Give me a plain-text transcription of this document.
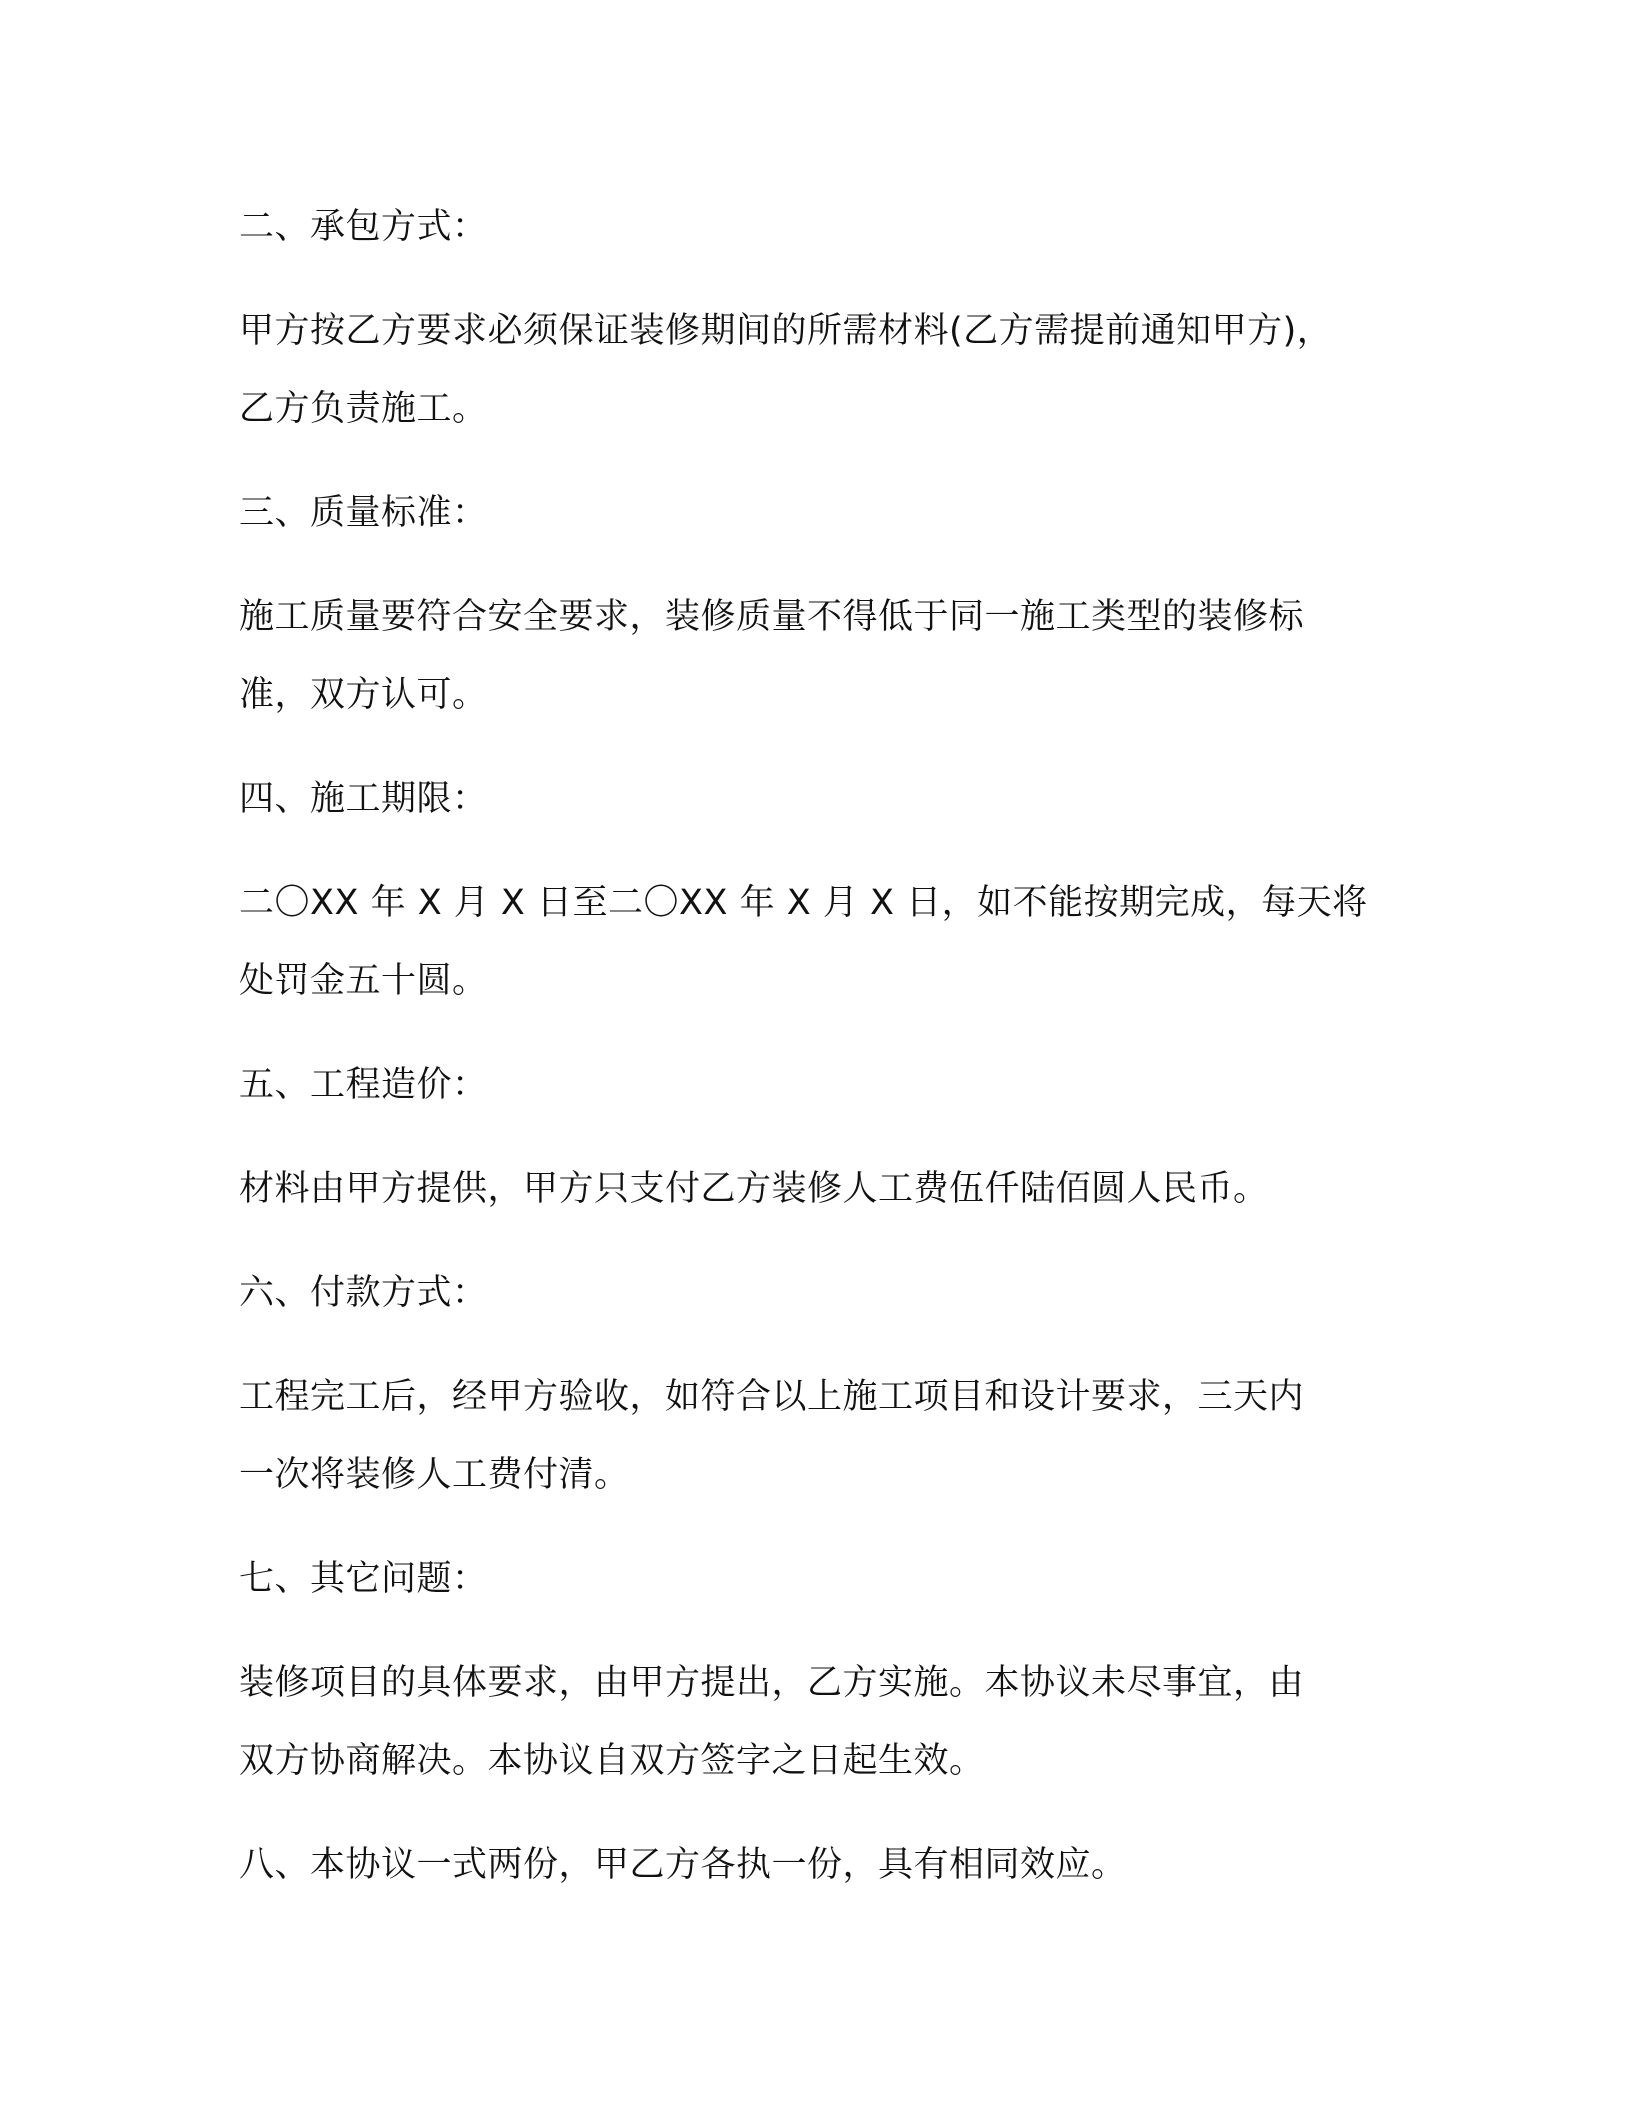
二、承包方式：

甲方按乙方要求必须保证装修期间的所需材料(乙方需提前通知甲方)，
乙方负责施工。

三、质量标准：

施工质量要符合安全要求，装修质量不得低于同一施工类型的装修标
准，双方认可。

四、施工期限：

二〇XX 年 X 月 X 日至二〇XX 年 X 月 X 日，如不能按期完成，每天将
处罚金五十圆。

五、工程造价：

材料由甲方提供，甲方只支付乙方装修人工费伍仟陆佰圆人民币。

六、付款方式：

工程完工后，经甲方验收，如符合以上施工项目和设计要求，三天内
一次将装修人工费付清。

七、其它问题：

装修项目的具体要求，由甲方提出，乙方实施。本协议未尽事宜，由
双方协商解决。本协议自双方签字之日起生效。

八、本协议一式两份，甲乙方各执一份，具有相同效应。
